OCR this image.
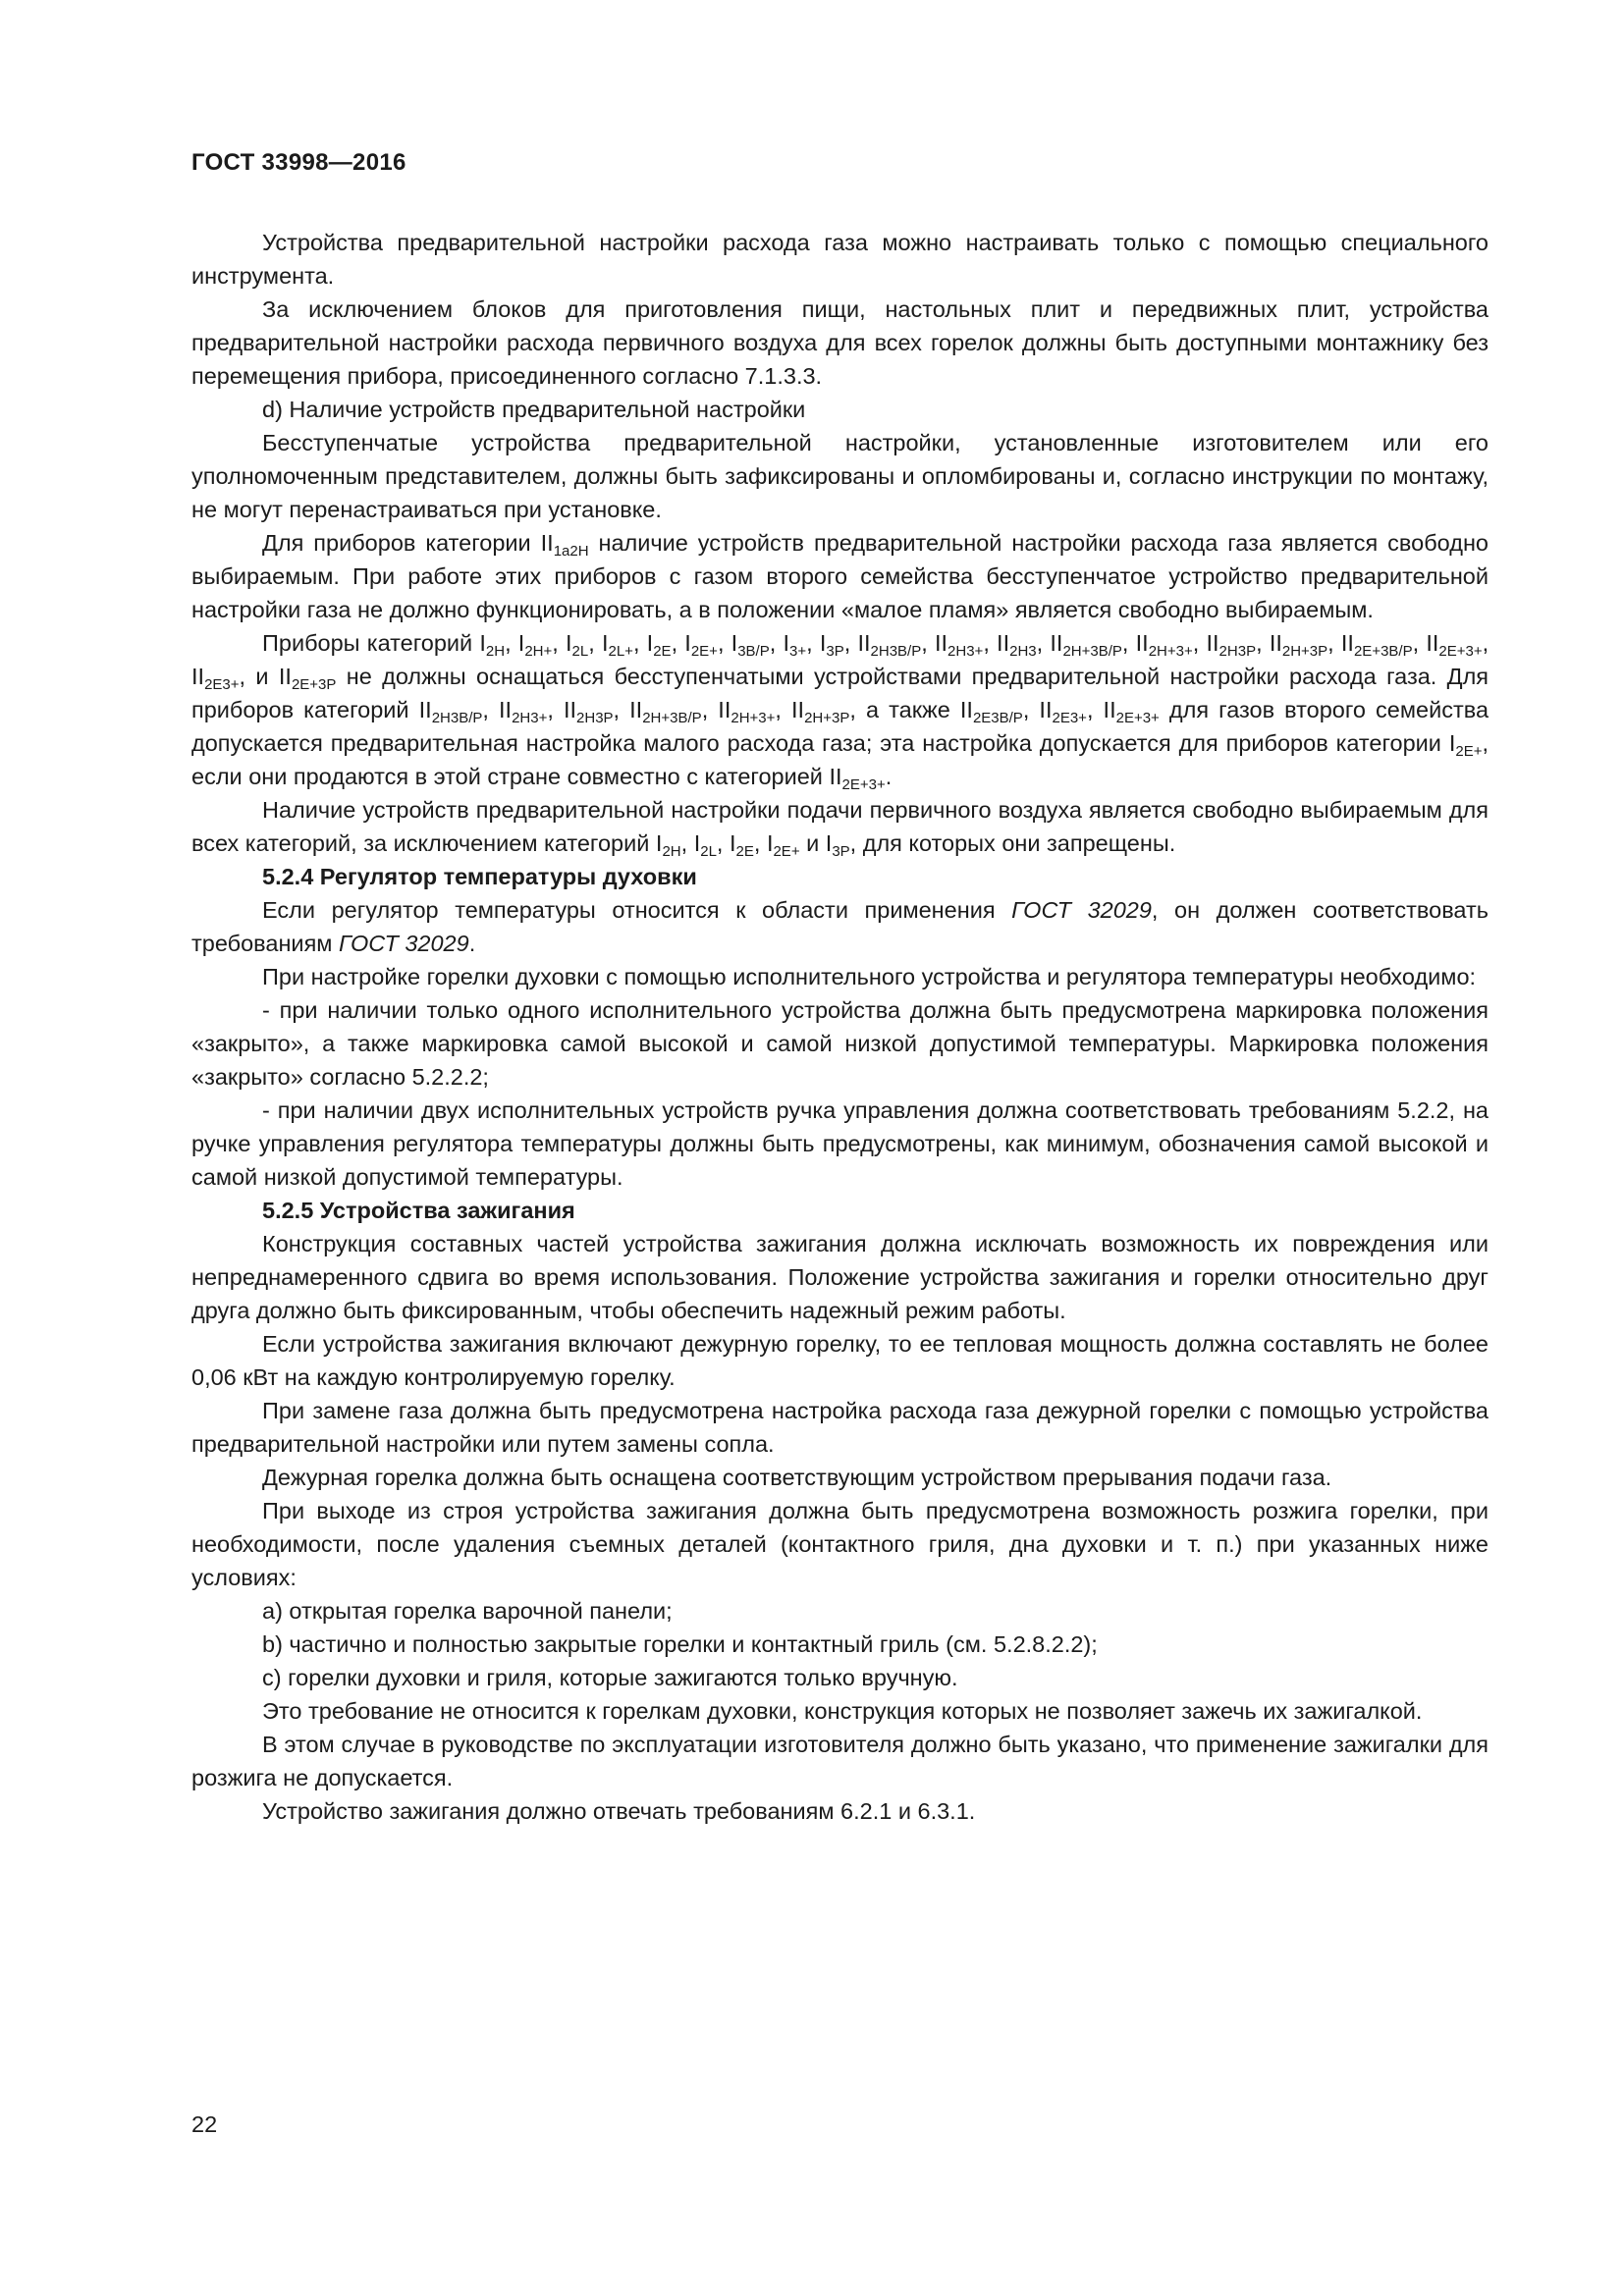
ГОСТ 33998—2016

Устройства предварительной настройки расхода газа можно настраивать только с помощью специального инструмента.

За исключением блоков для приготовления пищи, настольных плит и передвижных плит, устройства предварительной настройки расхода первичного воздуха для всех горелок должны быть доступными монтажнику без перемещения прибора, присоединенного согласно 7.1.3.3.

d) Наличие устройств предварительной настройки

Бесступенчатые устройства предварительной настройки, установленные изготовителем или его уполномоченным представителем, должны быть зафиксированы и опломбированы и, согласно инструкции по монтажу, не могут перенастраиваться при установке.

Для приборов категории $II_{1a2H}$ наличие устройств предварительной настройки расхода газа является свободно выбираемым. При работе этих приборов с газом второго семейства бесступенчатое устройство предварительной настройки газа не должно функционировать, а в положении «малое пламя» является свободно выбираемым.

Приборы категорий $I_{2H}$, $I_{2H+}$, $I_{2L}$, $I_{2L+}$, $I_{2E}$, $I_{2E+}$, $I_{3B/P}$, $I_{3+}$, $I_{3P}$, $II_{2H3B/P}$, $II_{2H3+}$, $II_{2H3}$, $II_{2H+3B/P}$, $II_{2H+3+}$, $II_{2H3P}$, $II_{2H+3P}$, $II_{2E+3B/P}$, $II_{2E+3+}$, $II_{2E3+}$, и $II_{2E+3P}$ не должны оснащаться бесступенчатыми устройствами предварительной настройки расхода газа. Для приборов категорий $II_{2H3B/P}$, $II_{2H3+}$, $II_{2H3P}$, $II_{2H+3B/P}$, $II_{2H+3+}$, $II_{2H+3P}$, а также $II_{2E3B/P}$, $II_{2E3+}$, $II_{2E+3+}$ для газов второго семейства допускается предварительная настройка малого расхода газа; эта настройка допускается для приборов категории $I_{2E+}$, если они продаются в этой стране совместно с категорией $II_{2E+3+}$.

Наличие устройств предварительной настройки подачи первичного воздуха является свободно выбираемым для всех категорий, за исключением категорий $I_{2H}$, $I_{2L}$, $I_{2E}$, $I_{2E+}$ и $I_{3P}$, для которых они запрещены.

5.2.4 Регулятор температуры духовки

Если регулятор температуры относится к области применения ГОСТ 32029, он должен соответствовать требованиям ГОСТ 32029.

При настройке горелки духовки с помощью исполнительного устройства и регулятора температуры необходимо:

- при наличии только одного исполнительного устройства должна быть предусмотрена маркировка положения «закрыто», а также маркировка самой высокой и самой низкой допустимой температуры. Маркировка положения «закрыто» согласно 5.2.2.2;

- при наличии двух исполнительных устройств ручка управления должна соответствовать требованиям 5.2.2, на ручке управления регулятора температуры должны быть предусмотрены, как минимум, обозначения самой высокой и самой низкой допустимой температуры.

5.2.5 Устройства зажигания

Конструкция составных частей устройства зажигания должна исключать возможность их повреждения или непреднамеренного сдвига во время использования. Положение устройства зажигания и горелки относительно друг друга должно быть фиксированным, чтобы обеспечить надежный режим работы.

Если устройства зажигания включают дежурную горелку, то ее тепловая мощность должна составлять не более 0,06 кВт на каждую контролируемую горелку.

При замене газа должна быть предусмотрена настройка расхода газа дежурной горелки с помощью устройства предварительной настройки или путем замены сопла.

Дежурная горелка должна быть оснащена соответствующим устройством прерывания подачи газа.

При выходе из строя устройства зажигания должна быть предусмотрена возможность розжига горелки, при необходимости, после удаления съемных деталей (контактного гриля, дна духовки и т. п.) при указанных ниже условиях:

а) открытая горелка варочной панели;

b) частично и полностью закрытые горелки и контактный гриль (см. 5.2.8.2.2);

с) горелки духовки и гриля, которые зажигаются только вручную.

Это требование не относится к горелкам духовки, конструкция которых не позволяет зажечь их зажигалкой.

В этом случае в руководстве по эксплуатации изготовителя должно быть указано, что применение зажигалки для розжига не допускается.

Устройство зажигания должно отвечать требованиям 6.2.1 и 6.3.1.

22
